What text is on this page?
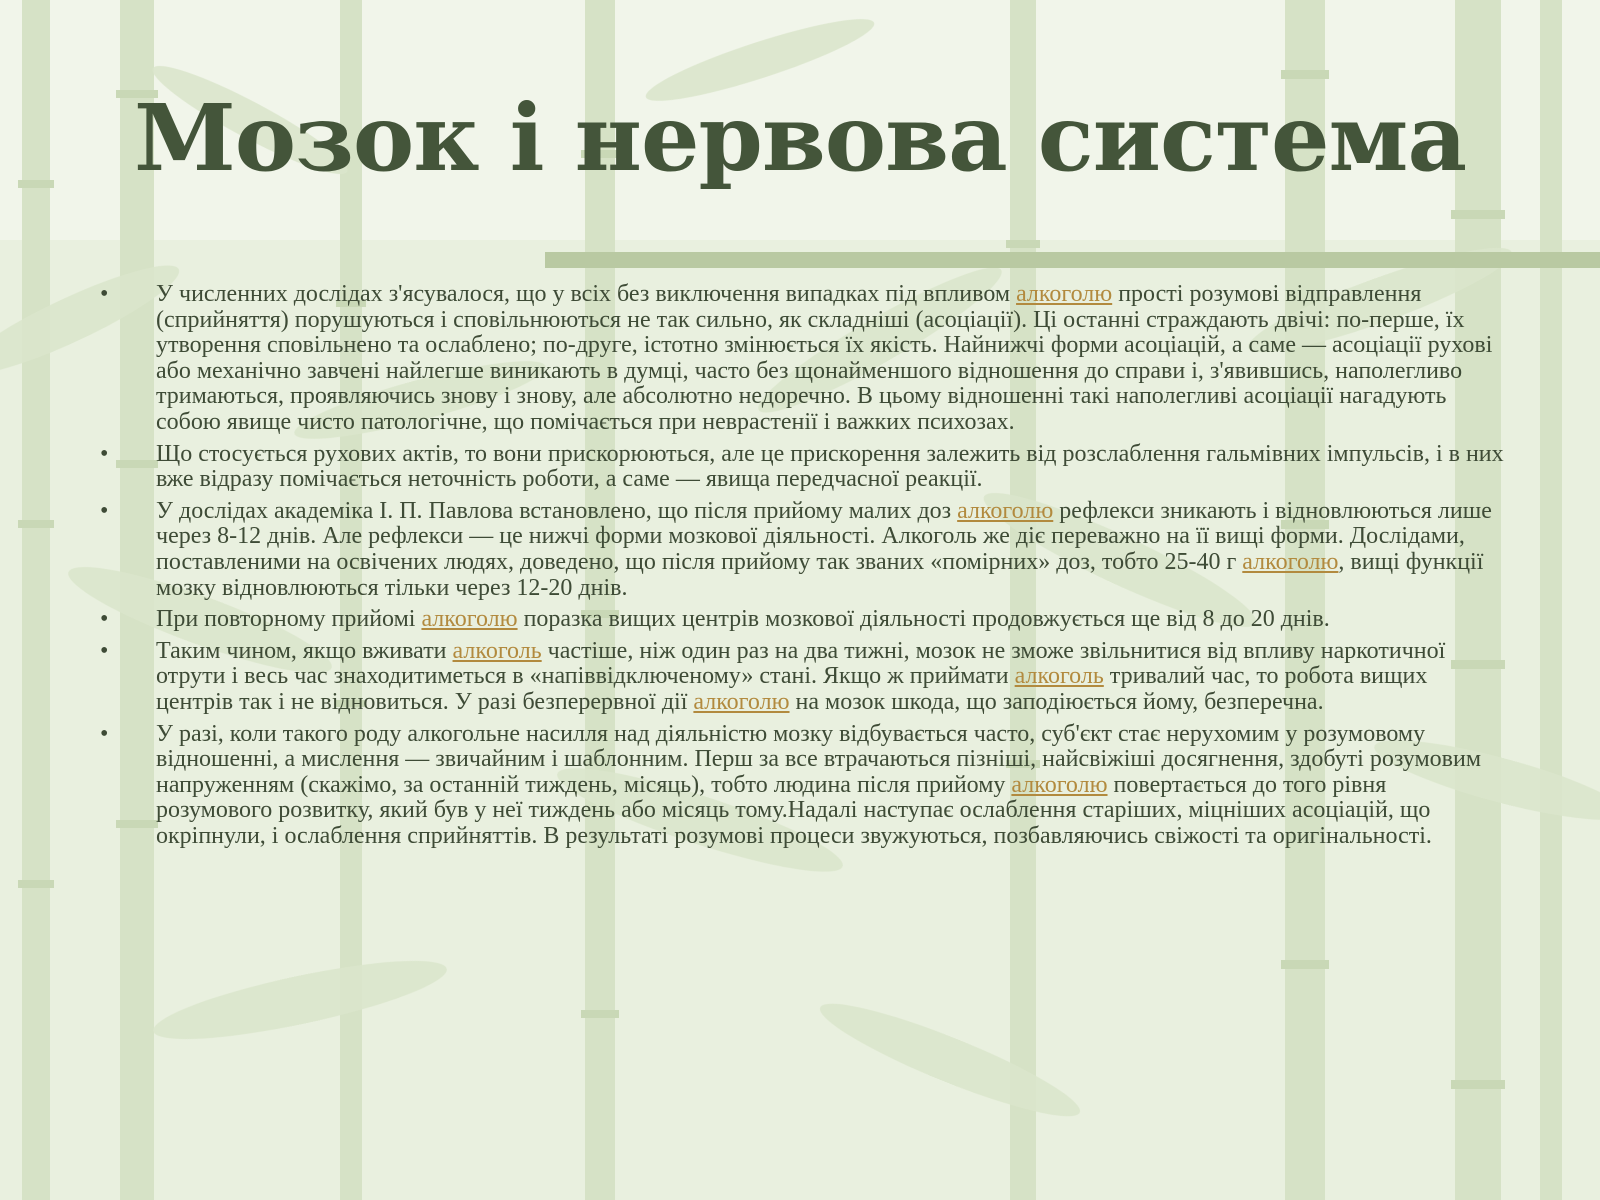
Мозок і нервова система
• У численних дослідах з'ясувалося, що у всіх без виключення випадках під впливом алкоголю прості розумові відправлення (сприйняття) порушуються і сповільнюються не так сильно, як складніші (асоціації). Ці останні страждають двічі: по-перше, їх утворення сповільнено та ослаблено; по-друге, істотно змінюється їх якість. Найнижчі форми асоціацій, а саме — асоціації рухові або механічно завчені найлегше виникають в думці, часто без щонайменшого відношення до справи і, з'явившись, наполегливо тримаються, проявляючись знову і знову, але абсолютно недоречно. В цьому відношенні такі наполегливі асоціації нагадують собою явище чисто патологічне, що помічається при неврастенії і важких психозах.
• Що стосується рухових актів, то вони прискорюються, але це прискорення залежить від розслаблення гальмівних імпульсів, і в них вже відразу помічається неточність роботи, а саме — явища передчасної реакції.
• У дослідах академіка І. П. Павлова встановлено, що після прийому малих доз алкоголю рефлекси зникають і відновлюються лише через 8-12 днів. Але рефлекси — це нижчі форми мозкової діяльності. Алкоголь же діє переважно на її вищі форми. Дослідами, поставленими на освічених людях, доведено, що після прийому так званих «помірних» доз, тобто 25-40 г алкоголю, вищі функції мозку відновлюються тільки через 12-20 днів.
• При повторному прийомі алкоголю поразка вищих центрів мозкової діяльності продовжується ще від 8 до 20 днів.
• Таким чином, якщо вживати алкоголь частіше, ніж один раз на два тижні, мозок не зможе звільнитися від впливу наркотичної отрути і весь час знаходитиметься в «напіввідключеному» стані. Якщо ж приймати алкоголь тривалий час, то робота вищих центрів так і не відновиться. У разі безперервної дії алкоголю на мозок шкода, що заподіюється йому, безперечна.
• У разі, коли такого роду алкогольне насилля над діяльністю мозку відбувається часто, суб'єкт стає нерухомим у розумовому відношенні, а мислення — звичайним і шаблонним. Перш за все втрачаються пізніші, найсвіжіші досягнення, здобуті розумовим напруженням (скажімо, за останній тиждень, місяць), тобто людина після прийому алкоголю повертається до того рівня розумового розвитку, який був у неї тиждень або місяць тому.Надалі наступає ослаблення старіших, міцніших асоціацій, що окріпнули, і ослаблення сприйняттів. В результаті розумові процеси звужуються, позбавляючись свіжості та оригінальності.
